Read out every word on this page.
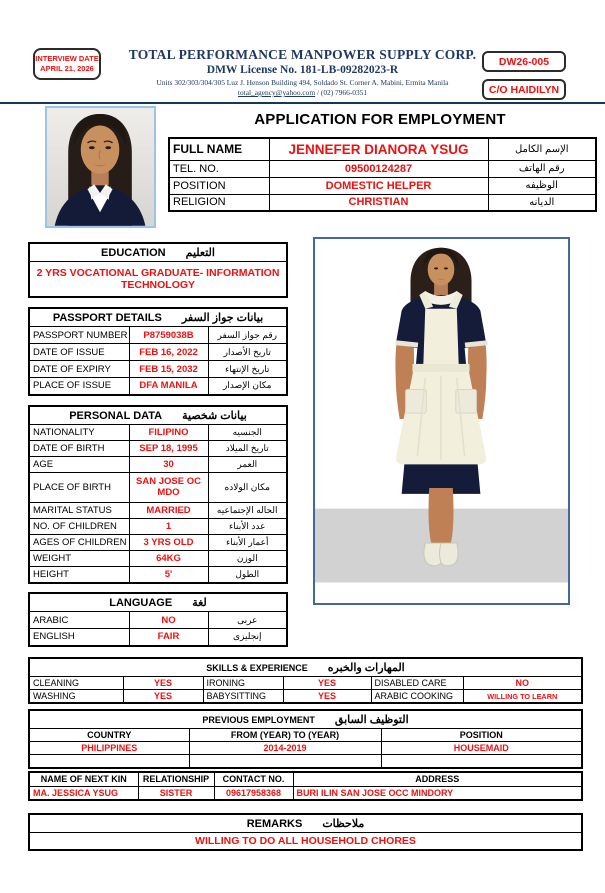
INTERVIEW DATE
APRIL 21, 2026
TOTAL PERFORMANCE MANPOWER SUPPLY CORP.
DMW License No. 181-LB-09282023-R
Units 302/303/304/305 Luz J. Henson Building 494, Soldado St. Corner A. Mabini, Ermita Manila
total_agency@yahoo.com / (02) 7966-0351
DW26-005
C/O HAIDILYN
APPLICATION FOR EMPLOYMENT
FULL NAME	JENNEFER DIANORA YSUG	الإسم الكامل
TEL. NO.	09500124287	رقم الهاتف
POSITION	DOMESTIC HELPER	الوظيفه
RELIGION	CHRISTIAN	الديانه
EDUCATION التعليم
2 YRS VOCATIONAL GRADUATE- INFORMATION TECHNOLOGY
PASSPORT DETAILS بيانات جواز السفر		
PASSPORT NUMBER	P8759038B	رقم جواز السفر
DATE OF ISSUE	FEB 16, 2022	تاريخ الأصدار
DATE OF EXPIRY	FEB 15, 2032	تاريخ الإنتهاء
PLACE OF ISSUE	DFA MANILA	مكان الإصدار
PERSONAL DATA بيانات شخصية		
NATIONALITY	FILIPINO	الجنسيه
DATE OF BIRTH	SEP 18, 1995	تاريخ الميلاد
AGE	30	العمر
PLACE OF BIRTH	SAN JOSE OC MDO	مكان الولاده
MARITAL STATUS	MARRIED	الحاله الإجتماعيه
NO. OF CHILDREN	1	عدد الأبناء
AGES OF CHILDREN	3 YRS OLD	أعمار الأبناء
WEIGHT	64KG	الوزن
HEIGHT	5'	الطول
LANGUAGE لغة		
ARABIC	NO	عربى
ENGLISH	FAIR	إنجليزى
SKILLS & EXPERIENCE المهارات والخبره					
CLEANING	YES	IRONING	YES	DISABLED CARE	NO
WASHING	YES	BABYSITTING	YES	ARABIC COOKING	WILLING TO LEARN
PREVIOUS EMPLOYMENT التوظيف السابق		
COUNTRY	FROM (YEAR) TO (YEAR)	POSITION
PHILIPPINES	2014-2019	HOUSEMAID

NAME OF NEXT KIN	RELATIONSHIP	CONTACT NO.	ADDRESS
MA. JESSICA YSUG	SISTER	09617958368	BURI ILIN SAN JOSE OCC MINDORY
REMARKS ملاحظات
WILLING TO DO ALL HOUSEHOLD CHORES
